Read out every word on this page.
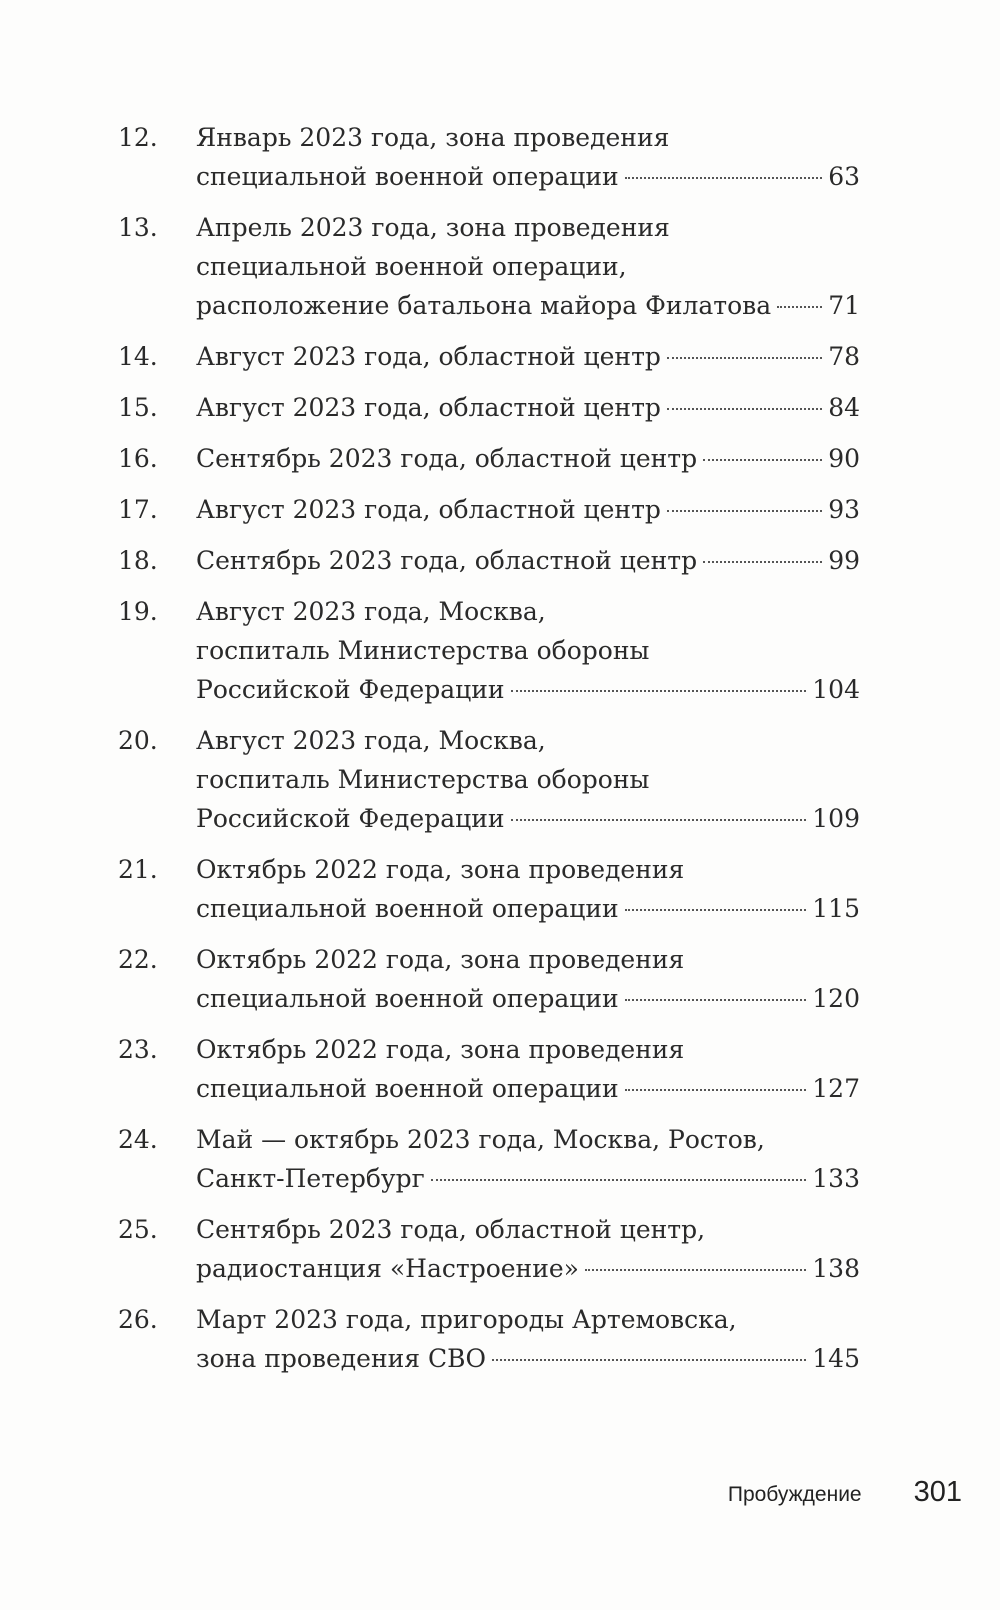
12.	Январь 2023 года, зона проведения
специальной военной операции	63
13.	Апрель 2023 года, зона проведения
специальной военной операции,
расположение батальона майора Филатова 71
14.	Август 2023 года, областной центр	78
15.	Август 2023 года, областной центр	84
16.	Сентябрь 2023 года, областной центр	90
17.	Август 2023 года, областной центр	93
18.	Сентябрь 2023 года, областной центр	99
19.	Август 2023 года, Москва,
госпиталь Министерства обороны
Российской Федерации	104
20.	Август 2023 года, Москва,
госпиталь Министерства обороны
Российской Федерации	109
21.	Октябрь 2022 года, зона проведения
специальной военной операции	115
22.	Октябрь 2022 года, зона проведения
специальной военной операции	120
23.	Октябрь 2022 года, зона проведения
специальной военной операции	127
24.	Май — октябрь 2023 года, Москва, Ростов,
Санкт-Петербург	133
25.	Сентябрь 2023 года, областной центр,
радиостанция «Настроение»	138
26.	Март 2023 года, пригороды Артемовска,
зона проведения СВО	145
Пробуждение 301
